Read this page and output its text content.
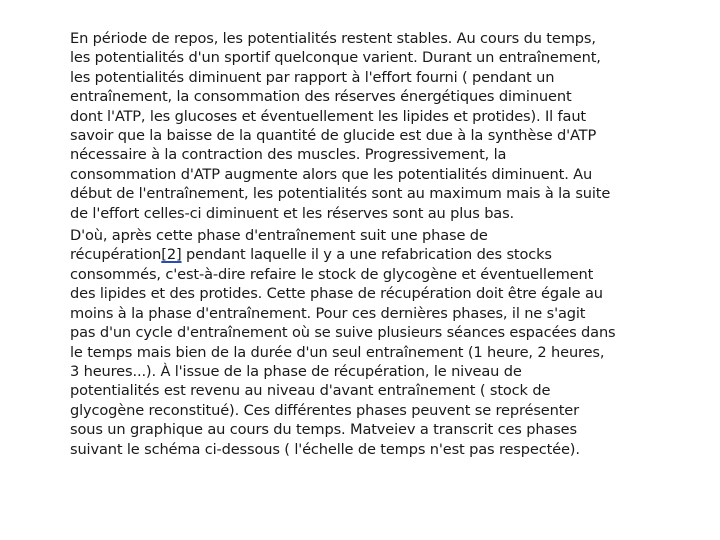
En période de repos, les potentialités restent stables. Au cours du temps,
les potentialités d'un sportif quelconque varient. Durant un entraînement,
les potentialités diminuent par rapport à l'effort fourni ( pendant un
entraînement, la consommation des réserves énergétiques diminuent
dont l'ATP, les glucoses et éventuellement les lipides et protides). Il faut
savoir que la baisse de la quantité de glucide est due à la synthèse d'ATP
nécessaire à la contraction des muscles. Progressivement, la
consommation d'ATP augmente alors que les potentialités diminuent. Au
début de l'entraînement, les potentialités sont au maximum mais à la suite
de l'effort celles-ci diminuent et les réserves sont au plus bas.

D'où, après cette phase d'entraînement suit une phase de
récupération[2] pendant laquelle il y a une refabrication des stocks
consommés, c'est-à-dire refaire le stock de glycogène et éventuellement
des lipides et des protides. Cette phase de récupération doit être égale au
moins à la phase d'entraînement. Pour ces dernières phases, il ne s'agit
pas d'un cycle d'entraînement où se suive plusieurs séances espacées dans
le temps mais bien de la durée d'un seul entraînement (1 heure, 2 heures,
3 heures...). À l'issue de la phase de récupération, le niveau de
potentialités est revenu au niveau d'avant entraînement ( stock de
glycogène reconstitué). Ces différentes phases peuvent se représenter
sous un graphique au cours du temps. Matveiev a transcrit ces phases
suivant le schéma ci-dessous ( l'échelle de temps n'est pas respectée).
